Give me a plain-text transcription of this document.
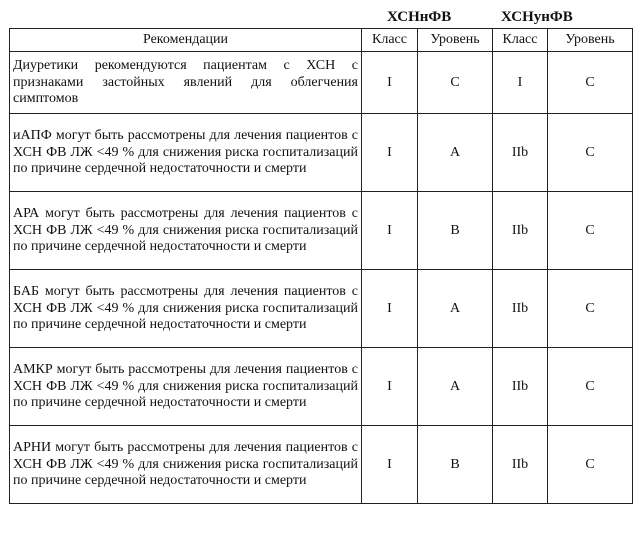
ХСНнФВ	ХСНунФВ
Рекомендации	Класс	Уровень	Класс	Уровень
Диуретики рекомендуются пациентам с ХСН с признаками застойных явлений для облегчения симптомов	I	C	I	C
иАПФ могут быть рассмотрены для лечения пациентов с ХСН ФВ ЛЖ <49 % для снижения риска госпитализаций по причине сердечной недостаточности и смерти	I	A	IIb	C
АРА могут быть рассмотрены для лечения пациентов с ХСН ФВ ЛЖ <49 % для снижения риска госпитализаций по причине сердечной недостаточности и смерти	I	B	IIb	C
БАБ могут быть рассмотрены для лечения пациентов с ХСН ФВ ЛЖ <49 % для снижения риска госпитализаций по причине сердечной недостаточности и смерти	I	A	IIb	C
АМКР могут быть рассмотрены для лечения пациентов с ХСН ФВ ЛЖ <49 % для снижения риска госпитализаций по причине сердечной недостаточности и смерти	I	A	IIb	C
АРНИ могут быть рассмотрены для лечения пациентов с ХСН ФВ ЛЖ <49 % для снижения риска госпитализаций по причине сердечной недостаточности и смерти	I	B	IIb	C
